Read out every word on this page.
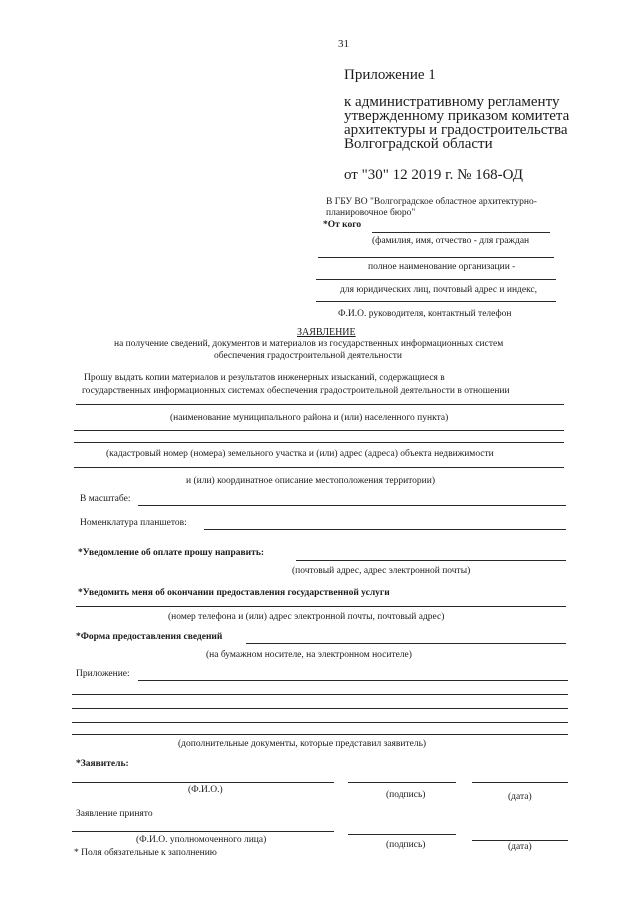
31
Приложение 1
к административному регламенту
утвержденному приказом комитета
архитектуры и градостроительства
Волгоградской области
от "30" 12 2019 г. № 168-ОД
В ГБУ ВО "Волгоградское областное архитектурно-
планировочное бюро"
*От кого
(фамилия, имя, отчество - для граждан
полное наименование организации -
для юридических лиц, почтовый адрес и индекс,
Ф.И.О. руководителя, контактный телефон
ЗАЯВЛЕНИЕ
на получение сведений, документов и материалов из государственных информационных систем
обеспечения градостроительной деятельности
Прошу выдать копии материалов и результатов инженерных изысканий, содержащиеся в
государственных информационных системах обеспечения градостроительной деятельности в отношении
(наименование муниципального района и (или) населенного пункта)
(кадастровый номер (номера) земельного участка и (или) адрес (адреса) объекта недвижимости
и (или) координатное описание местоположения территории)
В масштабе:
Номенклатура планшетов:
*Уведомление об оплате прошу направить:
(почтовый адрес, адрес электронной почты)
*Уведомить меня об окончании предоставления государственной услуги
(номер телефона и (или) адрес электронной почты, почтовый адрес)
*Форма предоставления сведений
(на бумажном носителе, на электронном носителе)
Приложение:
(дополнительные документы, которые представил заявитель)
*Заявитель:
(Ф.И.О.)	(подпись)	(дата)
Заявление принято
(Ф.И.О. уполномоченного лица)	(подпись)	(дата)
* Поля обязательные к заполнению
